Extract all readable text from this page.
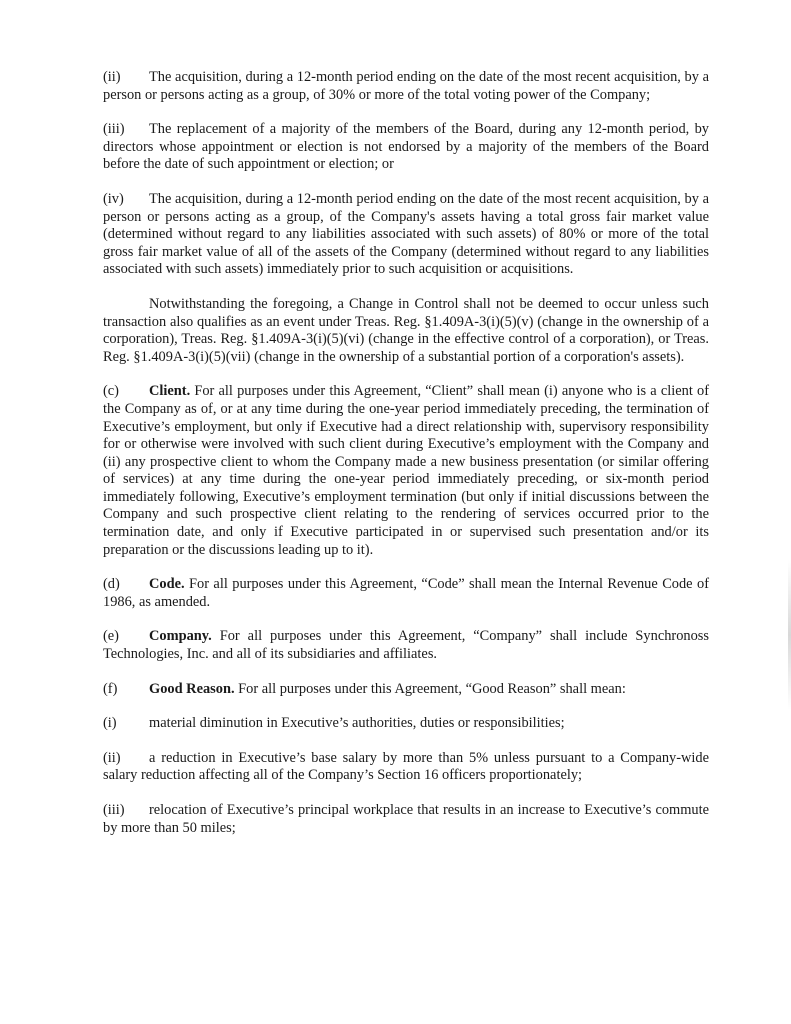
(ii) The acquisition, during a 12-month period ending on the date of the most recent acquisition, by a person or persons acting as a group, of 30% or more of the total voting power of the Company;

(iii) The replacement of a majority of the members of the Board, during any 12-month period, by directors whose appointment or election is not endorsed by a majority of the members of the Board before the date of such appointment or election; or

(iv) The acquisition, during a 12-month period ending on the date of the most recent acquisition, by a person or persons acting as a group, of the Company's assets having a total gross fair market value (determined without regard to any liabilities associated with such assets) of 80% or more of the total gross fair market value of all of the assets of the Company (determined without regard to any liabilities associated with such assets) immediately prior to such acquisition or acquisitions.

Notwithstanding the foregoing, a Change in Control shall not be deemed to occur unless such transaction also qualifies as an event under Treas. Reg. §1.409A-3(i)(5)(v) (change in the ownership of a corporation), Treas. Reg. §1.409A-3(i)(5)(vi) (change in the effective control of a corporation), or Treas. Reg. §1.409A-3(i)(5)(vii) (change in the ownership of a substantial portion of a corporation's assets).

(c) Client. For all purposes under this Agreement, “Client” shall mean (i) anyone who is a client of the Company as of, or at any time during the one-year period immediately preceding, the termination of Executive’s employment, but only if Executive had a direct relationship with, supervisory responsibility for or otherwise were involved with such client during Executive’s employment with the Company and (ii) any prospective client to whom the Company made a new business presentation (or similar offering of services) at any time during the one-year period immediately preceding, or six-month period immediately following, Executive’s employment termination (but only if initial discussions between the Company and such prospective client relating to the rendering of services occurred prior to the termination date, and only if Executive participated in or supervised such presentation and/or its preparation or the discussions leading up to it).

(d) Code. For all purposes under this Agreement, “Code” shall mean the Internal Revenue Code of 1986, as amended.

(e) Company. For all purposes under this Agreement, “Company” shall include Synchronoss Technologies, Inc. and all of its subsidiaries and affiliates.

(f) Good Reason. For all purposes under this Agreement, “Good Reason” shall mean:

(i) material diminution in Executive’s authorities, duties or responsibilities;

(ii) a reduction in Executive’s base salary by more than 5% unless pursuant to a Company-wide salary reduction affecting all of the Company’s Section 16 officers proportionately;

(iii) relocation of Executive’s principal workplace that results in an increase to Executive’s commute by more than 50 miles;
